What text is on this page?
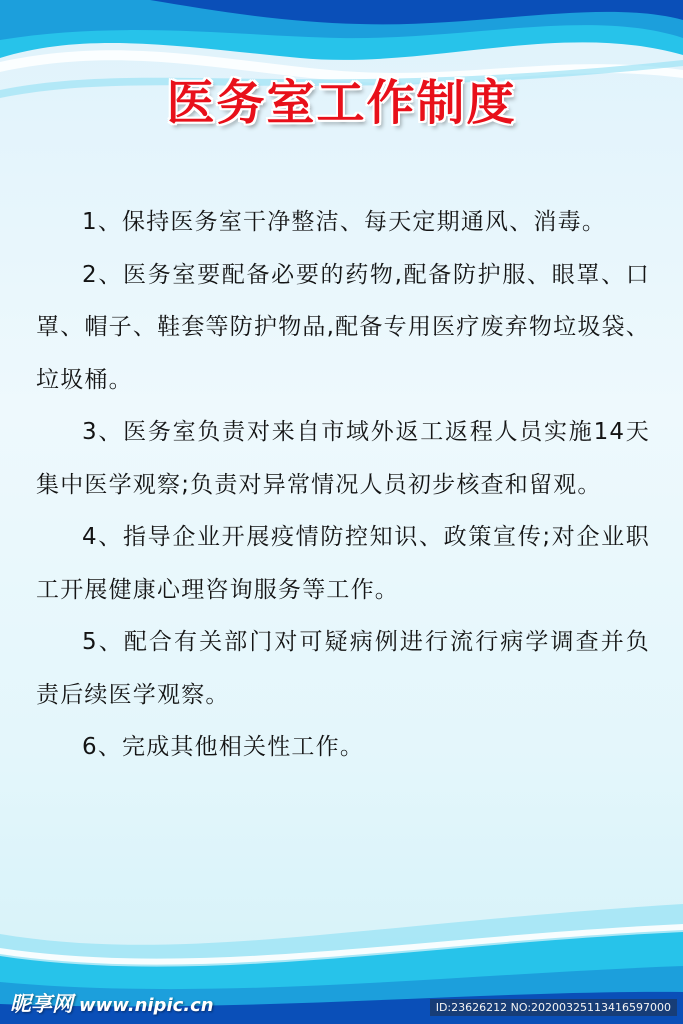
医务室工作制度

1、保持医务室干净整洁、每天定期通风、消毒。

2、医务室要配备必要的药物,配备防护服、眼罩、口罩、帽子、鞋套等防护物品,配备专用医疗废弃物垃圾袋、垃圾桶。

3、医务室负责对来自市域外返工返程人员实施14天集中医学观察;负责对异常情况人员初步核查和留观。

4、指导企业开展疫情防控知识、政策宣传;对企业职工开展健康心理咨询服务等工作。

5、配合有关部门对可疑病例进行流行病学调查并负责后续医学观察。

6、完成其他相关性工作。

昵享网 www.nipic.cn	ID:23626212 NO:20200325113416597000
